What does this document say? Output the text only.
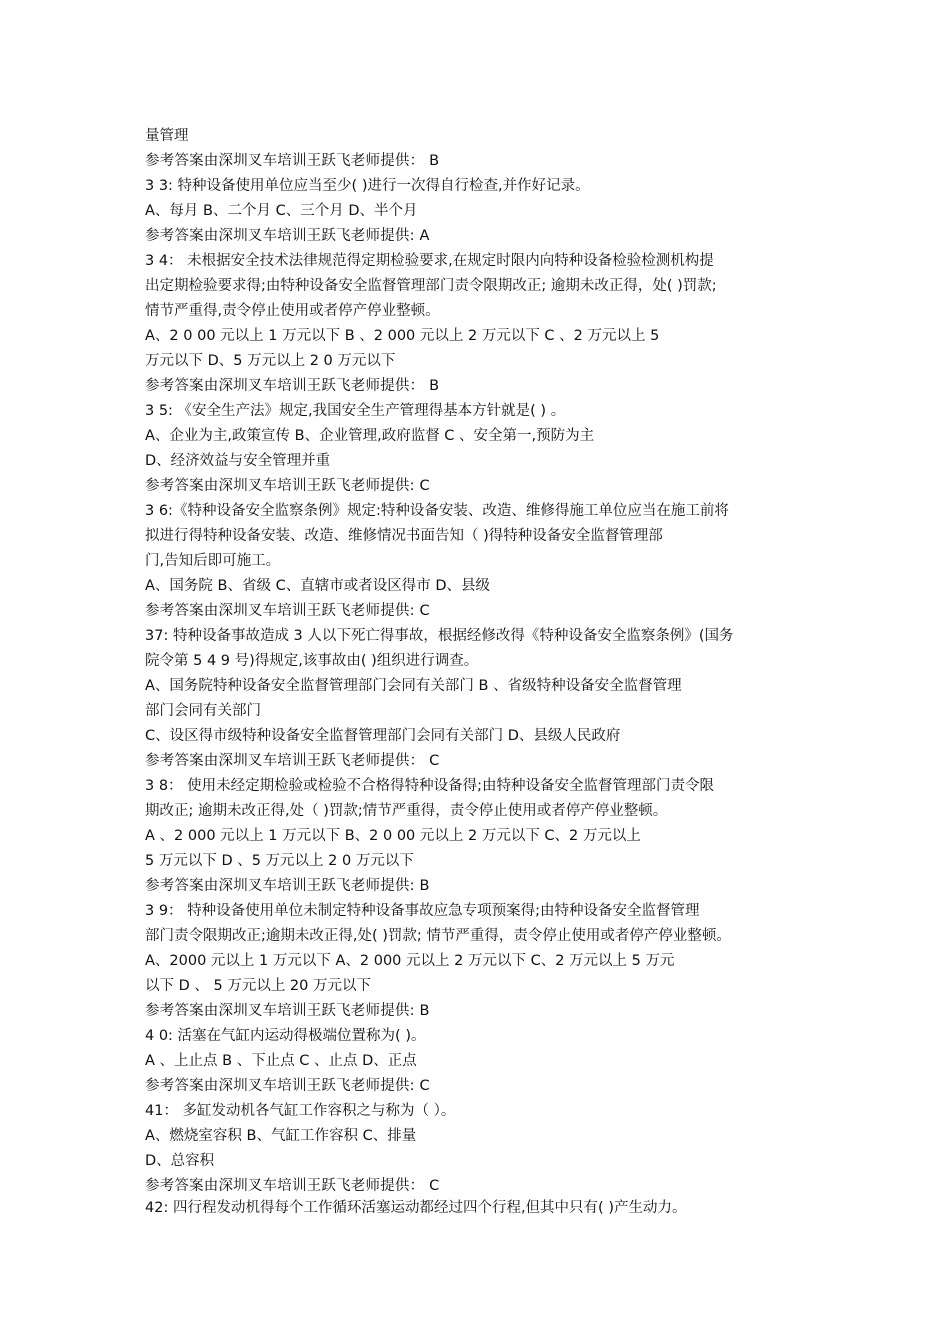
量管理
参考答案由深圳叉车培训王跃飞老师提供： B
3 3: 特种设备使用单位应当至少( )进行一次得自行检查,并作好记录。
A、每月 B、二个月 C、三个月 D、半个月
参考答案由深圳叉车培训王跃飞老师提供: A
3 4： 未根据安全技术法律规范得定期检验要求,在规定时限内向特种设备检验检测机构提
出定期检验要求得;由特种设备安全监督管理部门责令限期改正; 逾期未改正得，处( )罚款;
情节严重得,责令停止使用或者停产停业整顿。
A、2 0 00 元以上 1 万元以下 B 、2 000 元以上 2 万元以下 C 、2 万元以上 5
万元以下 D、5 万元以上 2 0 万元以下
参考答案由深圳叉车培训王跃飞老师提供： B
3 5: 《安全生产法》规定,我国安全生产管理得基本方针就是( ) 。
A、企业为主,政策宣传 B、企业管理,政府监督 C 、安全第一,预防为主
D、经济效益与安全管理并重
参考答案由深圳叉车培训王跃飞老师提供: C
3 6:《特种设备安全监察条例》规定:特种设备安装、改造、维修得施工单位应当在施工前将
拟进行得特种设备安装、改造、维修情况书面告知（ )得特种设备安全监督管理部
门,告知后即可施工。
A、国务院 B、省级 C、直辖市或者设区得市 D、县级
参考答案由深圳叉车培训王跃飞老师提供: C
37: 特种设备事故造成 3 人以下死亡得事故，根据经修改得《特种设备安全监察条例》(国务
院令第 5 4 9 号)得规定,该事故由( )组织进行调查。
A、国务院特种设备安全监督管理部门会同有关部门 B 、省级特种设备安全监督管理
部门会同有关部门
C、设区得市级特种设备安全监督管理部门会同有关部门 D、县级人民政府
参考答案由深圳叉车培训王跃飞老师提供： C
3 8： 使用未经定期检验或检验不合格得特种设备得;由特种设备安全监督管理部门责令限
期改正; 逾期未改正得,处（ )罚款;情节严重得，责令停止使用或者停产停业整顿。
A 、2 000 元以上 1 万元以下 B、2 0 00 元以上 2 万元以下 C、2 万元以上
5 万元以下 D 、5 万元以上 2 0 万元以下
参考答案由深圳叉车培训王跃飞老师提供: B
3 9： 特种设备使用单位未制定特种设备事故应急专项预案得;由特种设备安全监督管理
部门责令限期改正;逾期未改正得,处( )罚款; 情节严重得，责令停止使用或者停产停业整顿。
A、2000 元以上 1 万元以下 A、2 000 元以上 2 万元以下 C、2 万元以上 5 万元
以下 D 、 5 万元以上 20 万元以下
参考答案由深圳叉车培训王跃飞老师提供: B
4 0: 活塞在气缸内运动得极端位置称为( )。
A 、上止点 B 、下止点 C 、止点 D、正点
参考答案由深圳叉车培训王跃飞老师提供: C
41： 多缸发动机各气缸工作容积之与称为（ ）。
A、燃烧室容积 B、气缸工作容积 C、排量
D、总容积
参考答案由深圳叉车培训王跃飞老师提供： C
42: 四行程发动机得每个工作循环活塞运动都经过四个行程,但其中只有( )产生动力。
